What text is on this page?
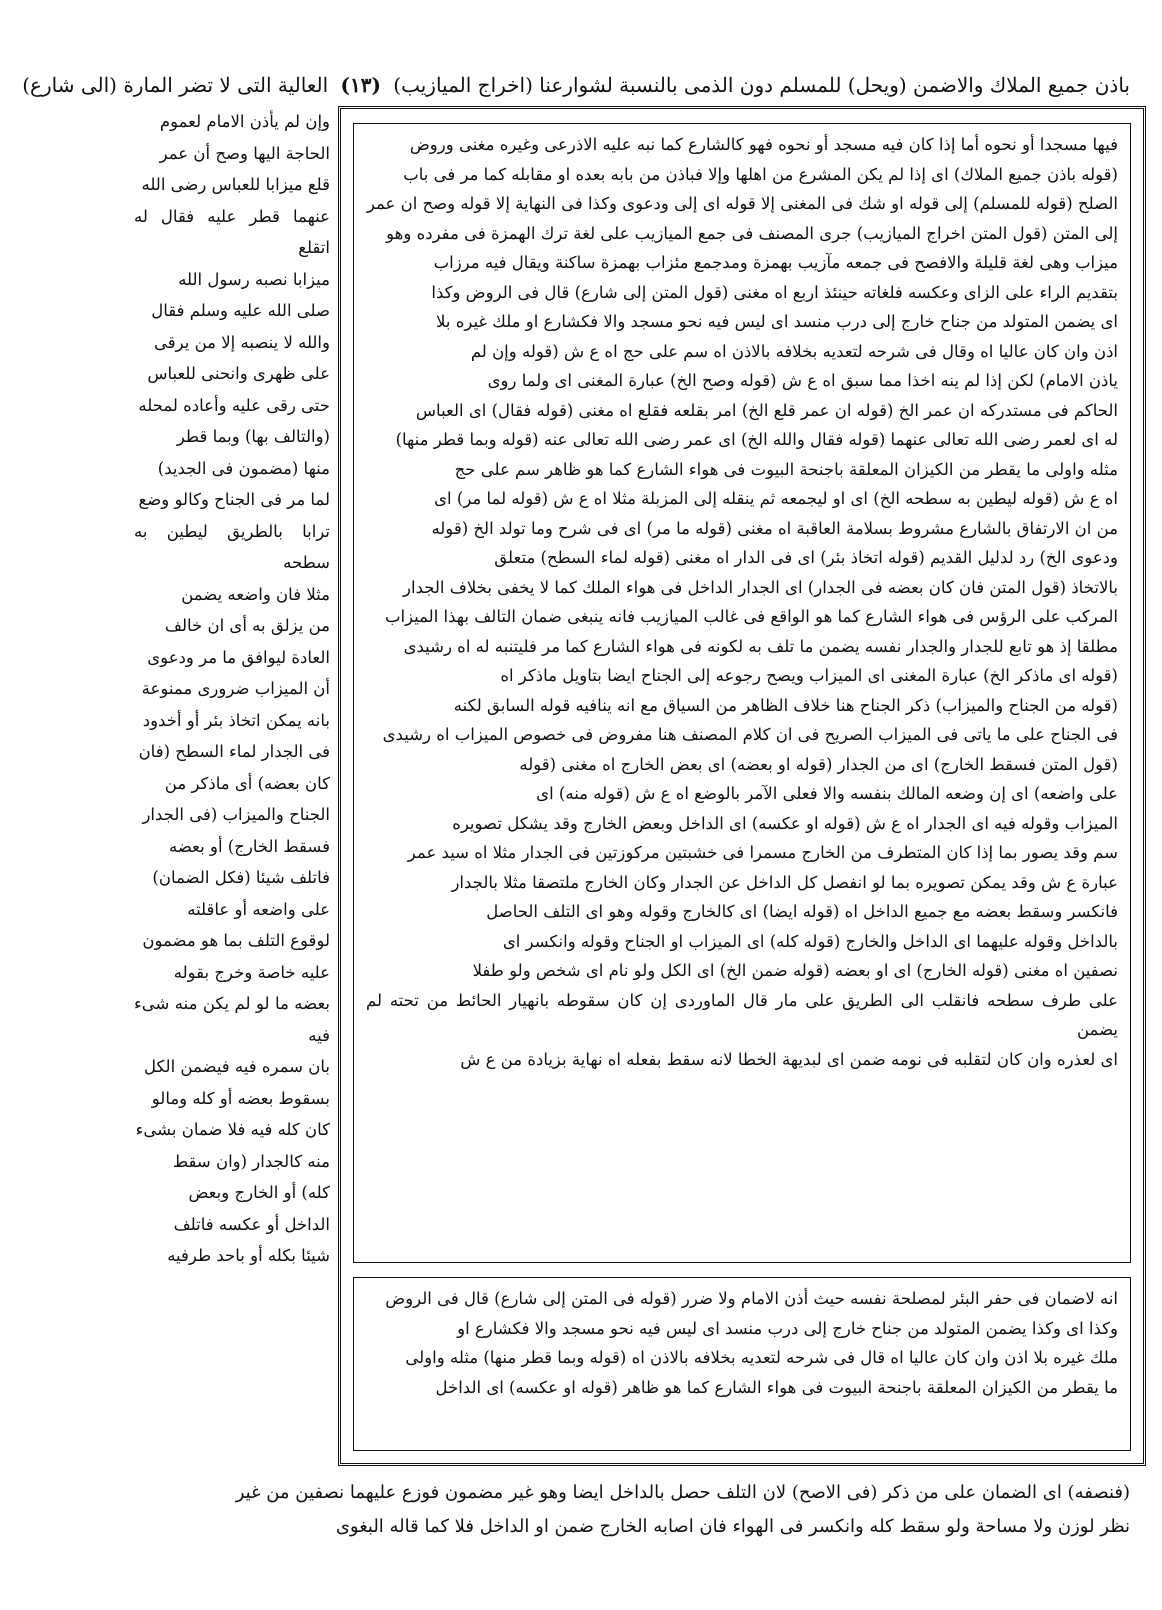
باذن جميع الملاك والاضمن (ويحل) للمسلم دون الذمى بالنسبة لشوارعنا (اخراج الميازيب) (١٣) العالية التى لا تضر المارة (الى شارع)
وإن لم يأذن الامام لعموم
الحاجة اليها وصح أن عمر
قلع ميزابا للعباس رضى الله
عنهما قطر عليه فقال له اتقلع
ميزابا نصبه رسول الله
صلى الله عليه وسلم فقال
والله لا ينصبه إلا من يرقى
على ظهرى وانحنى للعباس
حتى رقى عليه وأعاده لمحله
(والتالف بها) وبما قطر
منها (مضمون فى الجديد)
لما مر فى الجناح وكالو وضع
ترابا بالطريق ليطين به سطحه
مثلا فان واضعه يضمن
من يزلق به أى ان خالف
العادة ليوافق ما مر ودعوى
أن الميزاب ضرورى ممنوعة
بانه يمكن اتخاذ بئر أو أخدود
فى الجدار لماء السطح (فان
كان بعضه) أى ماذكر من
الجناح والميزاب (فى الجدار
فسقط الخارج) أو بعضه
فاتلف شيئا (فكل الضمان)
على واضعه أو عاقلته
لوقوع التلف بما هو مضمون
عليه خاصة وخرج بقوله
بعضه ما لو لم يكن منه شىء فيه
بان سمره فيه فيضمن الكل
بسقوط بعضه أو كله ومالو
كان كله فيه فلا ضمان بشىء
منه كالجدار (وان سقط
كله) أو الخارج وبعض
الداخل أو عكسه فاتلف
شيئا بكله أو باحد طرفيه
فيها مسجدا أو نحوه أما إذا كان فيه مسجد أو نحوه فهو كالشارع كما نبه عليه الاذرعى وغيره مغنى وروض
(قوله باذن جميع الملاك) اى إذا لم يكن المشرع من اهلها وإلا فباذن من بابه بعده او مقابله كما مر فى باب
الصلح (قوله للمسلم) إلى قوله او شك فى المغنى إلا قوله اى إلى ودعوى وكذا فى النهاية إلا قوله وصح ان عمر
إلى المتن (قول المتن اخراج الميازيب) جرى المصنف فى جمع الميازيب على لغة ترك الهمزة فى مفرده وهو
ميزاب وهى لغة قليلة والافصح فى جمعه مآزيب بهمزة ومدجمع مئزاب بهمزة ساكنة ويقال فيه مرزاب
بتقديم الراء على الزاى وعكسه فلغاته حينئذ اربع اه مغنى (قول المتن إلى شارع) قال فى الروض وكذا
اى يضمن المتولد من جناح خارج إلى درب منسد اى ليس فيه نحو مسجد والا فكشارع او ملك غيره بلا
اذن وان كان عاليا اه وقال فى شرحه لتعديه بخلافه بالاذن اه سم على حج اه ع ش (قوله وإن لم
ياذن الامام) لكن إذا لم ينه اخذا مما سبق اه ع ش (قوله وصح الخ) عبارة المغنى اى ولما روى
الحاكم فى مستدركه ان عمر الخ (قوله ان عمر قلع الخ) امر بقلعه فقلع اه مغنى (قوله فقال) اى العباس
له اى لعمر رضى الله تعالى عنهما (قوله فقال والله الخ) اى عمر رضى الله تعالى عنه (قوله وبما قطر منها)
مثله واولى ما يقطر من الكيزان المعلقة باجنحة البيوت فى هواء الشارع كما هو ظاهر سم على حج
اه ع ش (قوله ليطين به سطحه الخ) اى او ليجمعه ثم ينقله إلى المزبلة مثلا اه ع ش (قوله لما مر) اى
من ان الارتفاق بالشارع مشروط بسلامة العاقبة اه مغنى (قوله ما مر) اى فى شرح وما تولد الخ (قوله
ودعوى الخ) رد لدليل القديم (قوله اتخاذ بئر) اى فى الدار اه مغنى (قوله لماء السطح) متعلق
بالاتخاذ (قول المتن فان كان بعضه فى الجدار) اى الجدار الداخل فى هواء الملك كما لا يخفى بخلاف الجدار
المركب على الرؤس فى هواء الشارع كما هو الواقع فى غالب الميازيب فانه ينبغى ضمان التالف بهذا الميزاب
مطلقا إذ هو تابع للجدار والجدار نفسه يضمن ما تلف به لكونه فى هواء الشارع كما مر فليتنبه له اه رشيدى
(قوله اى ماذكر الخ) عبارة المغنى اى الميزاب ويصح رجوعه إلى الجناح ايضا بتاويل ماذكر اه
(قوله من الجناح والميزاب) ذكر الجناح هنا خلاف الظاهر من السياق مع انه ينافيه قوله السابق لكنه
فى الجناح على ما ياتى فى الميزاب الصريح فى ان كلام المصنف هنا مفروض فى خصوص الميزاب اه رشيدى
(قول المتن فسقط الخارج) اى من الجدار (قوله او بعضه) اى بعض الخارج اه مغنى (قوله
على واضعه) اى إن وضعه المالك بنفسه والا فعلى الآمر بالوضع اه ع ش (قوله منه) اى
الميزاب وقوله فيه اى الجدار اه ع ش (قوله او عكسه) اى الداخل وبعض الخارج وقد يشكل تصويره
سم وقد يصور بما إذا كان المتطرف من الخارج مسمرا فى خشبتين مركوزتين فى الجدار مثلا اه سيد عمر
عبارة ع ش وقد يمكن تصويره بما لو انفصل كل الداخل عن الجدار وكان الخارج ملتصقا مثلا بالجدار
فانكسر وسقط بعضه مع جميع الداخل اه (قوله ايضا) اى كالخارج وقوله وهو اى التلف الحاصل
بالداخل وقوله عليهما اى الداخل والخارج (قوله كله) اى الميزاب او الجناح وقوله وانكسر اى
نصفين اه مغنى (قوله الخارج) اى او بعضه (قوله ضمن الخ) اى الكل ولو نام اى شخص ولو طفلا
على طرف سطحه فانقلب الى الطريق على مار قال الماوردى إن كان سقوطه بانهيار الحائط من تحته لم يضمن
اى لعذره وان كان لتقلبه فى نومه ضمن اى لبديهة الخطا لانه سقط بفعله اه نهاية بزيادة من ع ش
انه لاضمان فى حفر البئر لمصلحة نفسه حيث أذن الامام ولا ضرر (قوله فى المتن إلى شارع) قال فى الروض
وكذا اى وكذا يضمن المتولد من جناح خارج إلى درب منسد اى ليس فيه نحو مسجد والا فكشارع او
ملك غيره بلا اذن وان كان عاليا اه قال فى شرحه لتعديه بخلافه بالاذن اه (قوله وبما قطر منها) مثله واولى
ما يقطر من الكيزان المعلقة باجنحة البيوت فى هواء الشارع كما هو ظاهر (قوله او عكسه) اى الداخل
(فنصفه) اى الضمان على من ذكر (فى الاصح) لان التلف حصل بالداخل ايضا وهو غير مضمون فوزع عليهما نصفين من غير
نظر لوزن ولا مساحة ولو سقط كله وانكسر فى الهواء فان اصابه الخارج ضمن او الداخل فلا كما قاله البغوى
